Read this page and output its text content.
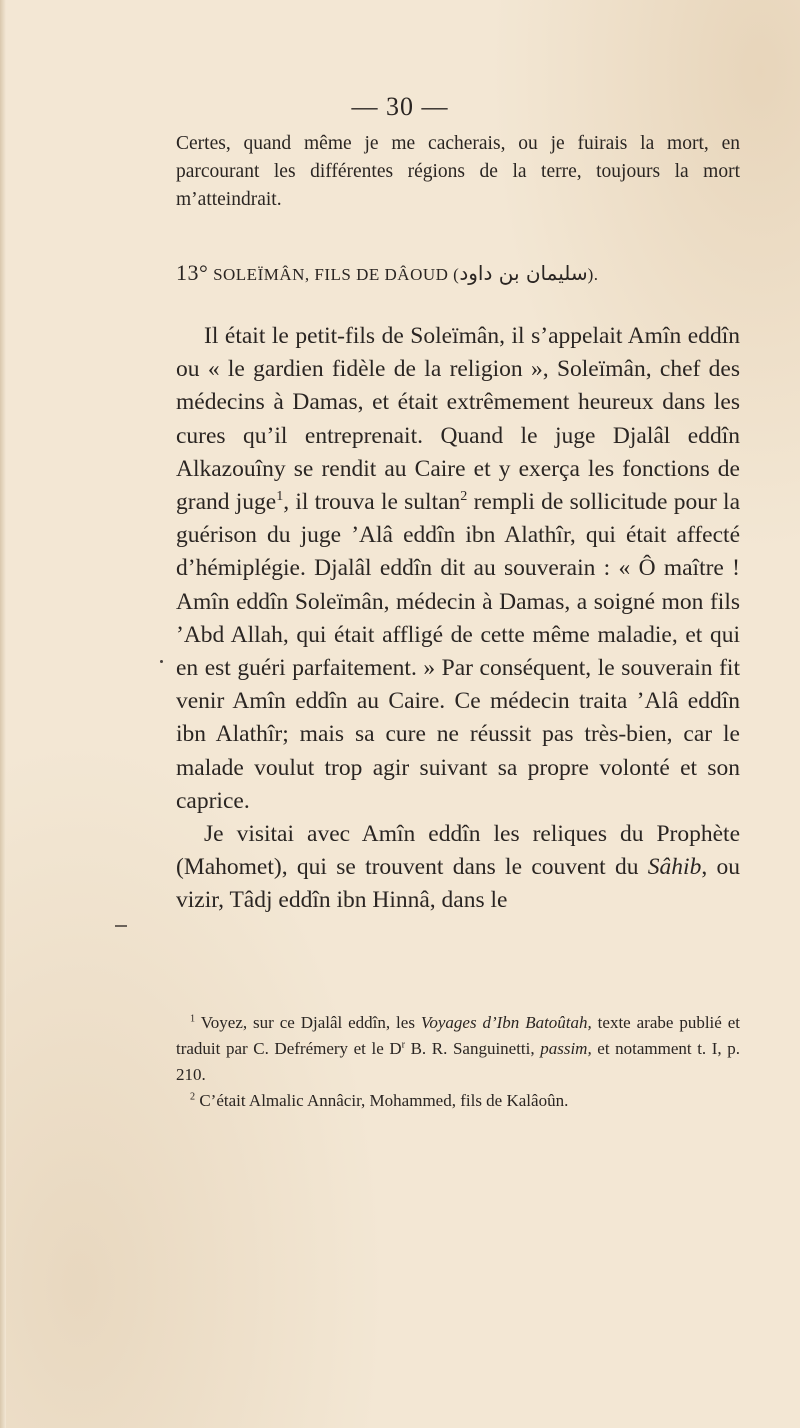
— 30 —
Certes, quand même je me cacherais, ou je fuirais la mort, en parcourant les différentes régions de la terre, toujours la mort m’atteindrait.
13° SOLEÏMÂN, FILS DE DÂOUD (سليمان بن داود).

Il était le petit-fils de Soleïmân, il s’appelait Amîn eddîn ou « le gardien fidèle de la religion », Soleïmân, chef des médecins à Damas, et était extrêmement heureux dans les cures qu’il entreprenait. Quand le juge Djalâl eddîn Alkazouîny se rendit au Caire et y exerça les fonctions de grand juge$^1$, il trouva le sultan$^2$ rempli de sollicitude pour la guérison du juge ’Alâ eddîn ibn Alathîr, qui était affecté d’hémiplégie. Djalâl eddîn dit au souverain : « Ô maître ! Amîn eddîn Soleïmân, médecin à Damas, a soigné mon fils ’Abd Allah, qui était affligé de cette même maladie, et qui en est guéri parfaitement. » Par conséquent, le souverain fit venir Amîn eddîn au Caire. Ce médecin traita ’Alâ eddîn ibn Alathîr; mais sa cure ne réussit pas très-bien, car le malade voulut trop agir suivant sa propre volonté et son caprice.

Je visitai avec Amîn eddîn les reliques du Prophète (Mahomet), qui se trouvent dans le couvent du Sâhib, ou vizir, Tâdj eddîn ibn Hinnâ, dans le

$^1$ Voyez, sur ce Djalâl eddîn, les Voyages d’Ibn Batoûtah, texte arabe publié et traduit par C. Defrémery et le $D^r$ B. R. Sanguinetti, passim, et notamment t. I, p. 210.

$^2$ C’était Almalic Annâcir, Mohammed, fils de Kalâoûn.
